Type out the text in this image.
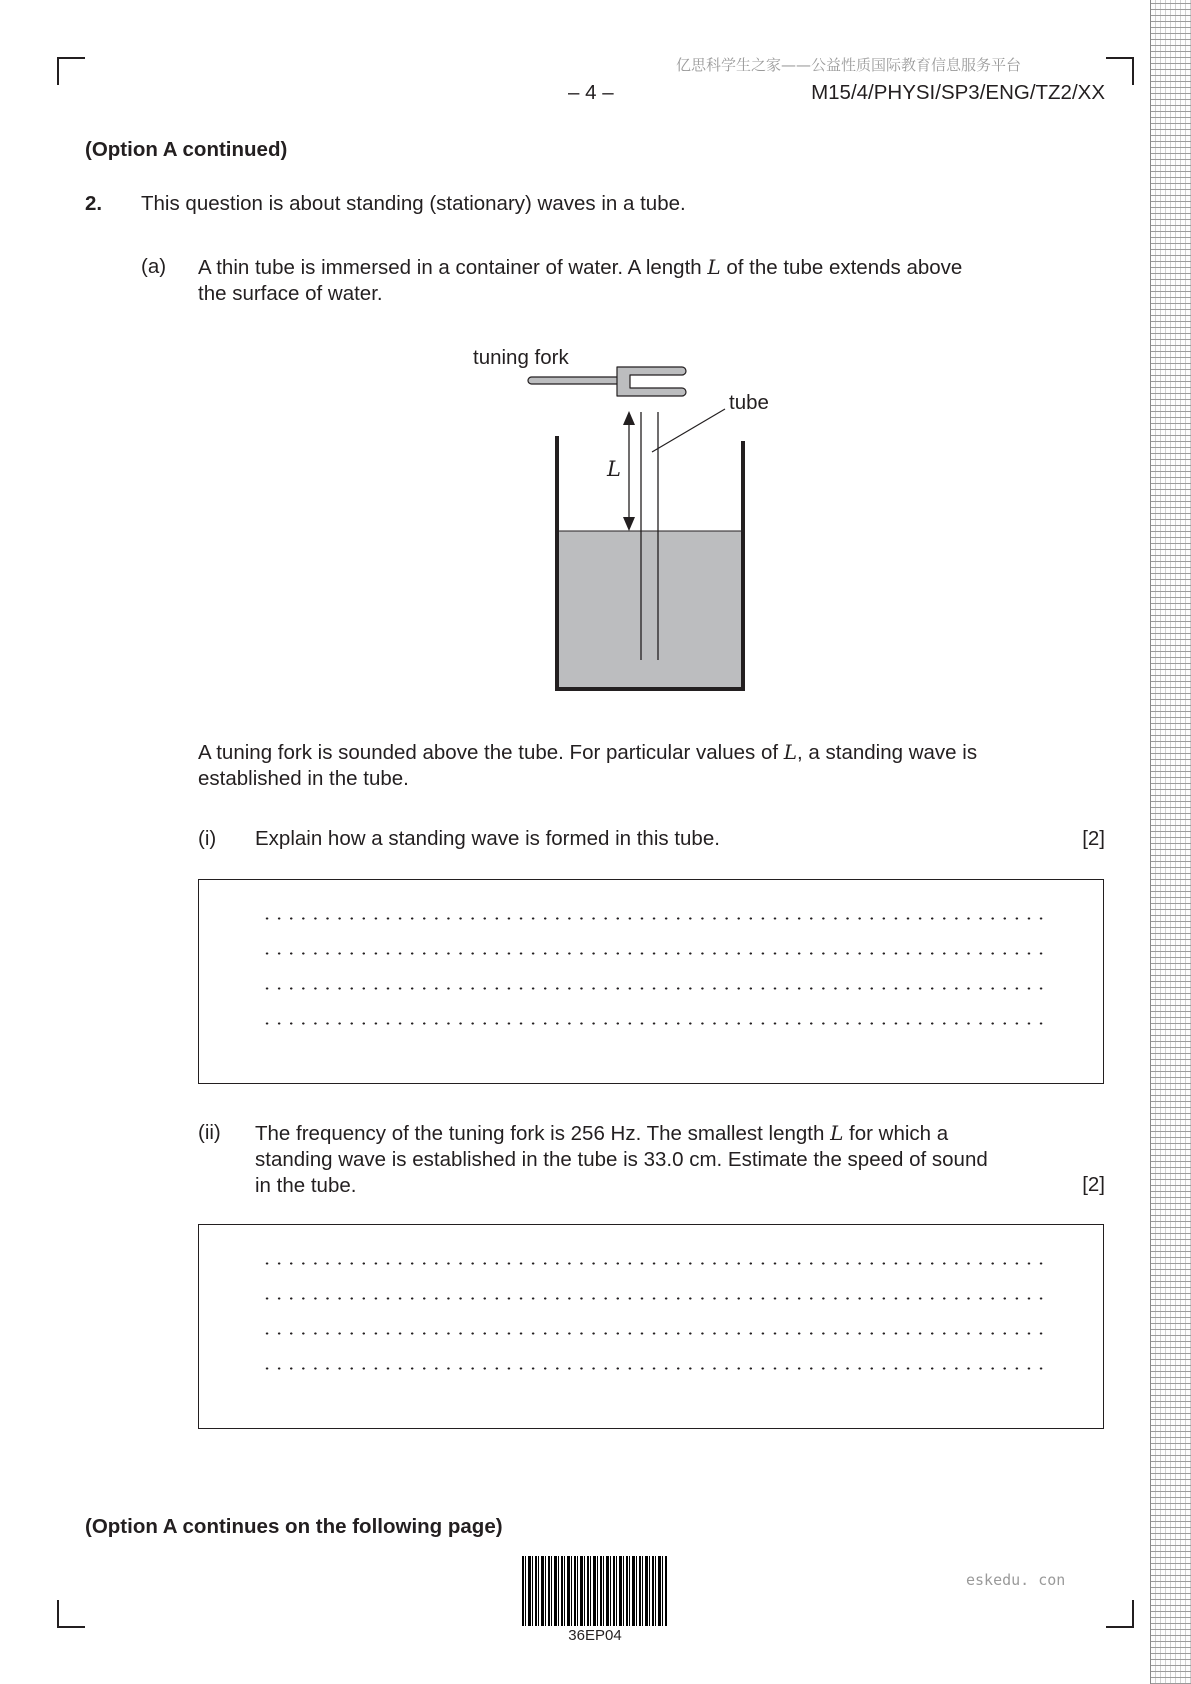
亿思科学生之家——公益性质国际教育信息服务平台
– 4 –	M15/4/PHYSI/SP3/ENG/TZ2/XX
(Option A continued)
2.	This question is about standing (stationary) waves in a tube.
(a)	A thin tube is immersed in a container of water. A length L of the tube extends above
the surface of water.
tuning fork
tube
L
A tuning fork is sounded above the tube. For particular values of L, a standing wave is
established in the tube.
(i)	Explain how a standing wave is formed in this tube.	[2]
(ii)	The frequency of the tuning fork is 256 Hz. The smallest length L for which a
standing wave is established in the tube is 33.0 cm. Estimate the speed of sound
in the tube.	[2]
(Option A continues on the following page)
36EP04
eskedu. con
